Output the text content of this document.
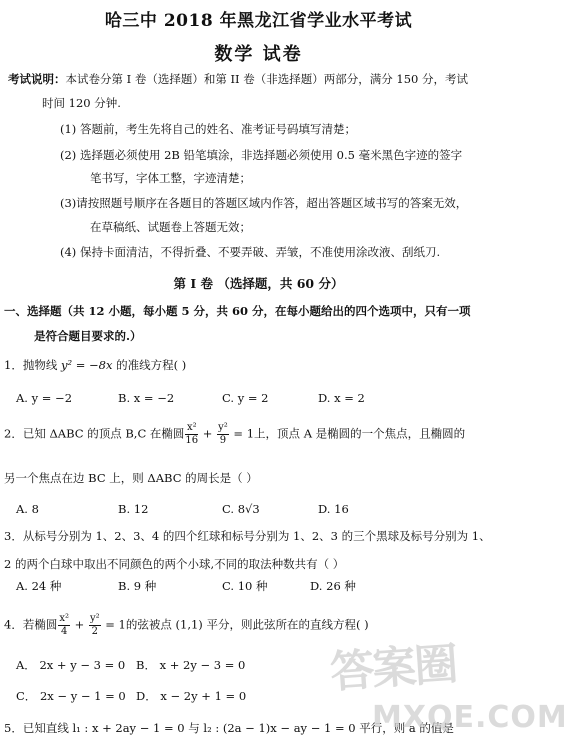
哈三中 2018 年黑龙江省学业水平考试
数学 试卷
考试说明：本试卷分第 I 卷（选择题）和第 II 卷（非选择题）两部分，满分 150 分，考试
时间 120 分钟.
(1) 答题前，考生先将自己的姓名、准考证号码填写清楚；
(2) 选择题必须使用 2B 铅笔填涂，非选择题必须使用 0.5 毫米黑色字迹的签字
笔书写，字体工整，字迹清楚；
(3)请按照题号顺序在各题目的答题区域内作答，超出答题区域书写的答案无效，
在草稿纸、试题卷上答题无效；
(4) 保持卡面清洁，不得折叠、不要弄破、弄皱，不准使用涂改液、刮纸刀.
第 I 卷 （选择题，共 60 分）
一、选择题（共 12 小题，每小题 5 分，共 60 分，在每小题给出的四个选项中，只有一项
是符合题目要求的.）
1．抛物线 y² = −8x 的准线方程( )
A. y = −2	B. x = −2	C. y = 2	D. x = 2
2．已知 ΔABC 的顶点 B,C 在椭圆 $\frac{\text{x²}}{16} + \frac{\text{y²}}{9} = 1$上，顶点 A 是椭圆的一个焦点，且椭圆的
另一个焦点在边 BC 上，则 ΔABC 的周长是（ ）
A. 8	B. 12	C. 8√3	D. 16
3．从标号分别为 1、2、3、4 的四个红球和标号分别为 1、2、3 的三个黑球及标号分别为 1、
2 的两个白球中取出不同颜色的两个小球,不同的取法种数共有（ ）
A. 24 种	B. 9 种	C. 10 种	D. 26 种
4．若椭圆 $\frac{\text{x²}}{4} + \frac{\text{y²}}{2} = 1$的弦被点 (1,1) 平分，则此弦所在的直线方程( )
A． 2x + y − 3 = 0 B． x + 2y − 3 = 0
C． 2x − y − 1 = 0 D． x − 2y + 1 = 0
5．已知直线 l₁ : x + 2ay − 1 = 0 与 l₂ : (2a − 1)x − ay − 1 = 0 平行，则 a 的值是
答案圈
MXQE.COM
